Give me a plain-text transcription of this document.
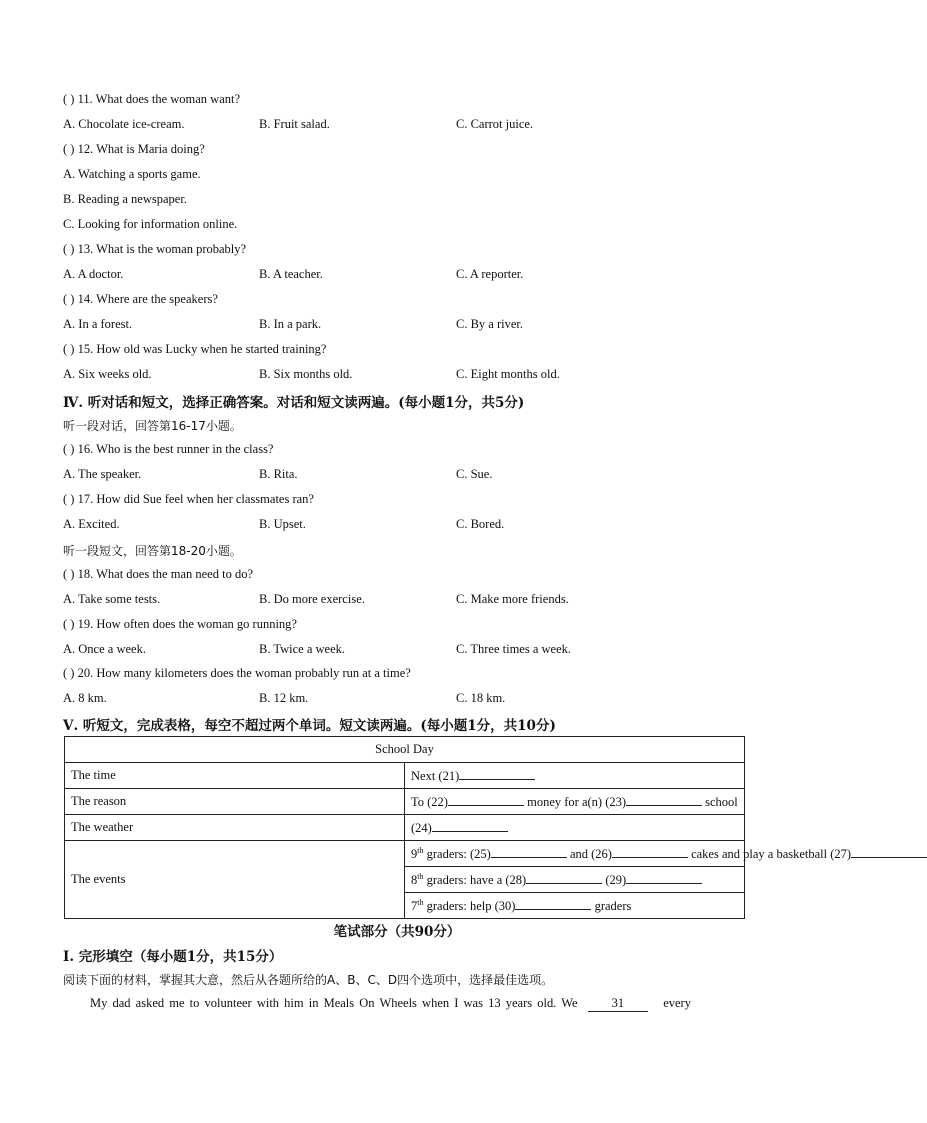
( ) 11. What does the woman want?
A. Chocolate ice-cream.	B. Fruit salad.	C. Carrot juice.
( ) 12. What is Maria doing?
A. Watching a sports game.
B. Reading a newspaper.
C. Looking for information online.
( ) 13. What is the woman probably?
A. A doctor.	B. A teacher.	C. A reporter.
( ) 14. Where are the speakers?
A. In a forest.	B. In a park.	C. By a river.
( ) 15. How old was Lucky when he started training?
A. Six weeks old.	B. Six months old.	C. Eight months old.
Ⅳ. 听对话和短文，选择正确答案。对话和短文读两遍。(每小题1分，共5分)
听一段对话，回答第16-17小题。
( ) 16. Who is the best runner in the class?
A. The speaker.	B. Rita.	C. Sue.
( ) 17. How did Sue feel when her classmates ran?
A. Excited.	B. Upset.	C. Bored.
听一段短文，回答第18-20小题。
( ) 18. What does the man need to do?
A. Take some tests.	B. Do more exercise.	C. Make more friends.
( ) 19. How often does the woman go running?
A. Once a week.	B. Twice a week.	C. Three times a week.
( ) 20. How many kilometers does the woman probably run at a time?
A. 8 km.	B. 12 km.	C. 18 km.
Ⅴ. 听短文，完成表格，每空不超过两个单词。短文读两遍。(每小题1分，共10分)
School Day	
The time	Next (21)
The reason	To (22) money for a(n) (23) school
The weather	(24)
The events	9th graders: (25) and (26) cakes and play a basketball (27)
	8th graders: have a (28) (29)
	7th graders: help (30) graders
笔试部分（共90分）
Ⅰ. 完形填空（每小题1分，共15分）
阅读下面的材料，掌握其大意，然后从各题所给的A、B、C、D四个选项中，选择最佳选项。
My dad asked me to volunteer with him in Meals On Wheels when I was 13 years old. We	31	every
